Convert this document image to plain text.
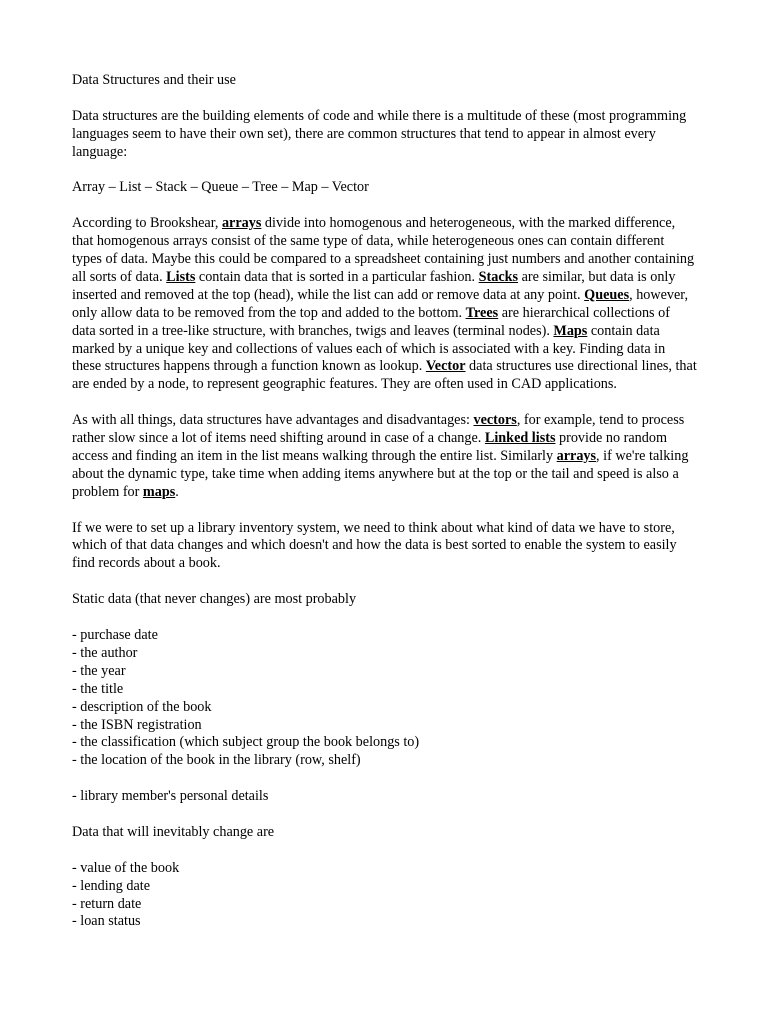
Data Structures and their use

Data structures are the building elements of code and while there is a multitude of these (most programming languages seem to have their own set), there are common structures that tend to appear in almost every language:

Array – List – Stack – Queue – Tree – Map – Vector

According to Brookshear, arrays divide into homogenous and heterogeneous, with the marked difference, that homogenous arrays consist of the same type of data, while heterogeneous ones can contain different types of data. Maybe this could be compared to a spreadsheet containing just numbers and another containing all sorts of data. Lists contain data that is sorted in a particular fashion. Stacks are similar, but data is only inserted and removed at the top (head), while the list can add or remove data at any point. Queues, however, only allow data to be removed from the top and added to the bottom. Trees are hierarchical collections of data sorted in a tree-like structure, with branches, twigs and leaves (terminal nodes). Maps contain data marked by a unique key and collections of values each of which is associated with a key. Finding data in these structures happens through a function known as lookup. Vector data structures use directional lines, that are ended by a node, to represent geographic features. They are often used in CAD applications.

As with all things, data structures have advantages and disadvantages: vectors, for example, tend to process rather slow since a lot of items need shifting around in case of a change. Linked lists provide no random access and finding an item in the list means walking through the entire list. Similarly arrays, if we're talking about the dynamic type, take time when adding items anywhere but at the top or the tail and speed is also a problem for maps.

If we were to set up a library inventory system, we need to think about what kind of data we have to store, which of that data changes and which doesn't and how the data is best sorted to enable the system to easily find records about a book.

Static data (that never changes) are most probably

- purchase date
- the author
- the year
- the title
- description of the book
- the ISBN registration
- the classification (which subject group the book belongs to)
- the location of the book in the library (row, shelf)

- library member's personal details

Data that will inevitably change are

- value of the book
- lending date
- return date
- loan status
